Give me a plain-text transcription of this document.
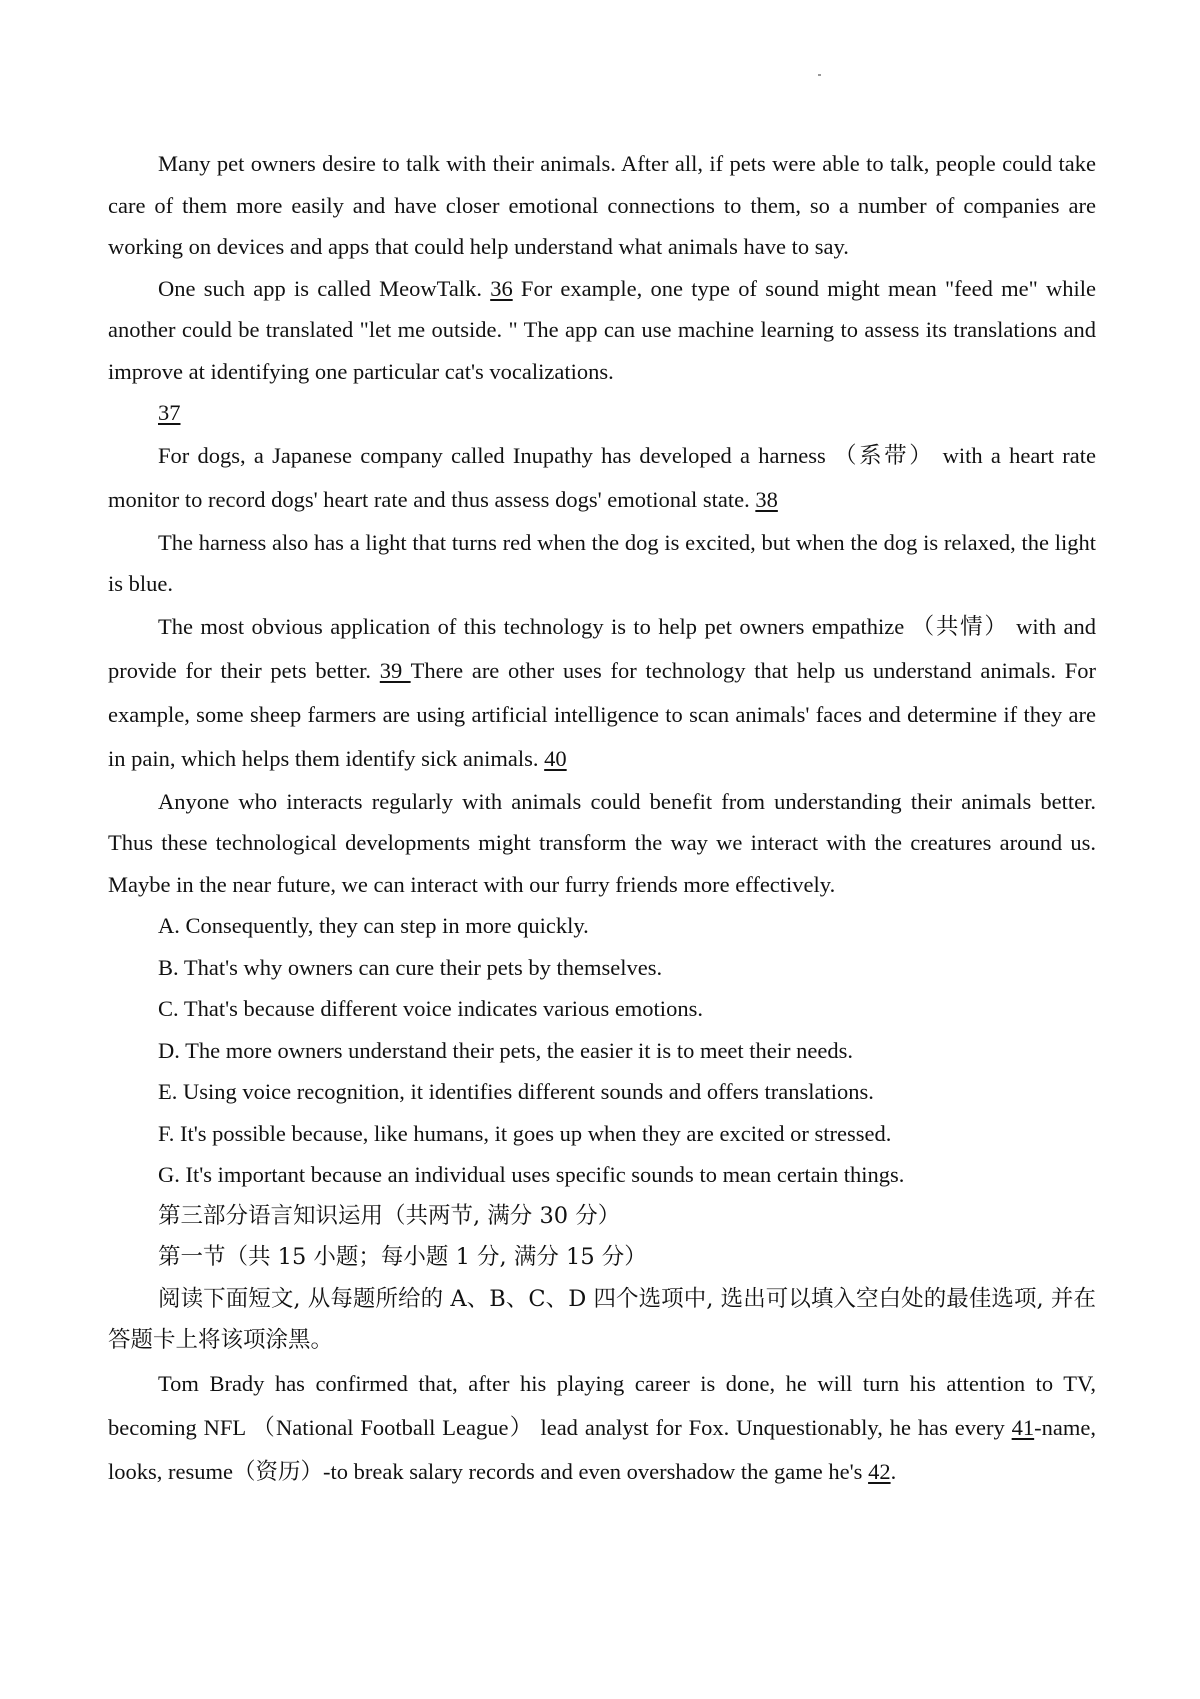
Many pet owners desire to talk with their animals. After all, if pets were able to talk, people could take care of them more easily and have closer emotional connections to them, so a number of companies are working on devices and apps that could help understand what animals have to say.

One such app is called MeowTalk. 36 For example, one type of sound might mean "feed me" while another could be translated "let me outside. " The app can use machine learning to assess its translations and improve at identifying one particular cat's vocalizations.

37

For dogs, a Japanese company called Inupathy has developed a harness （系带） with a heart rate monitor to record dogs' heart rate and thus assess dogs' emotional state. 38

The harness also has a light that turns red when the dog is excited, but when the dog is relaxed, the light is blue.

The most obvious application of this technology is to help pet owners empathize （共情） with and provide for their pets better. 39 There are other uses for technology that help us understand animals. For example, some sheep farmers are using artificial intelligence to scan animals' faces and determine if they are in pain, which helps them identify sick animals. 40

Anyone who interacts regularly with animals could benefit from understanding their animals better. Thus these technological developments might transform the way we interact with the creatures around us. Maybe in the near future, we can interact with our furry friends more effectively.

A. Consequently, they can step in more quickly.

B. That's why owners can cure their pets by themselves.

C. That's because different voice indicates various emotions.

D. The more owners understand their pets, the easier it is to meet their needs.

E. Using voice recognition, it identifies different sounds and offers translations.

F. It's possible because, like humans, it goes up when they are excited or stressed.

G. It's important because an individual uses specific sounds to mean certain things.

第三部分语言知识运用（共两节, 满分 30 分）

第一节（共 15 小题；每小题 1 分, 满分 15 分）

阅读下面短文, 从每题所给的 A、B、C、D 四个选项中, 选出可以填入空白处的最佳选项, 并在答题卡上将该项涂黑。

Tom Brady has confirmed that, after his playing career is done, he will turn his attention to TV, becoming NFL （National Football League） lead analyst for Fox. Unquestionably, he has every 41-name, looks, resume（资历）-to break salary records and even overshadow the game he's 42.
